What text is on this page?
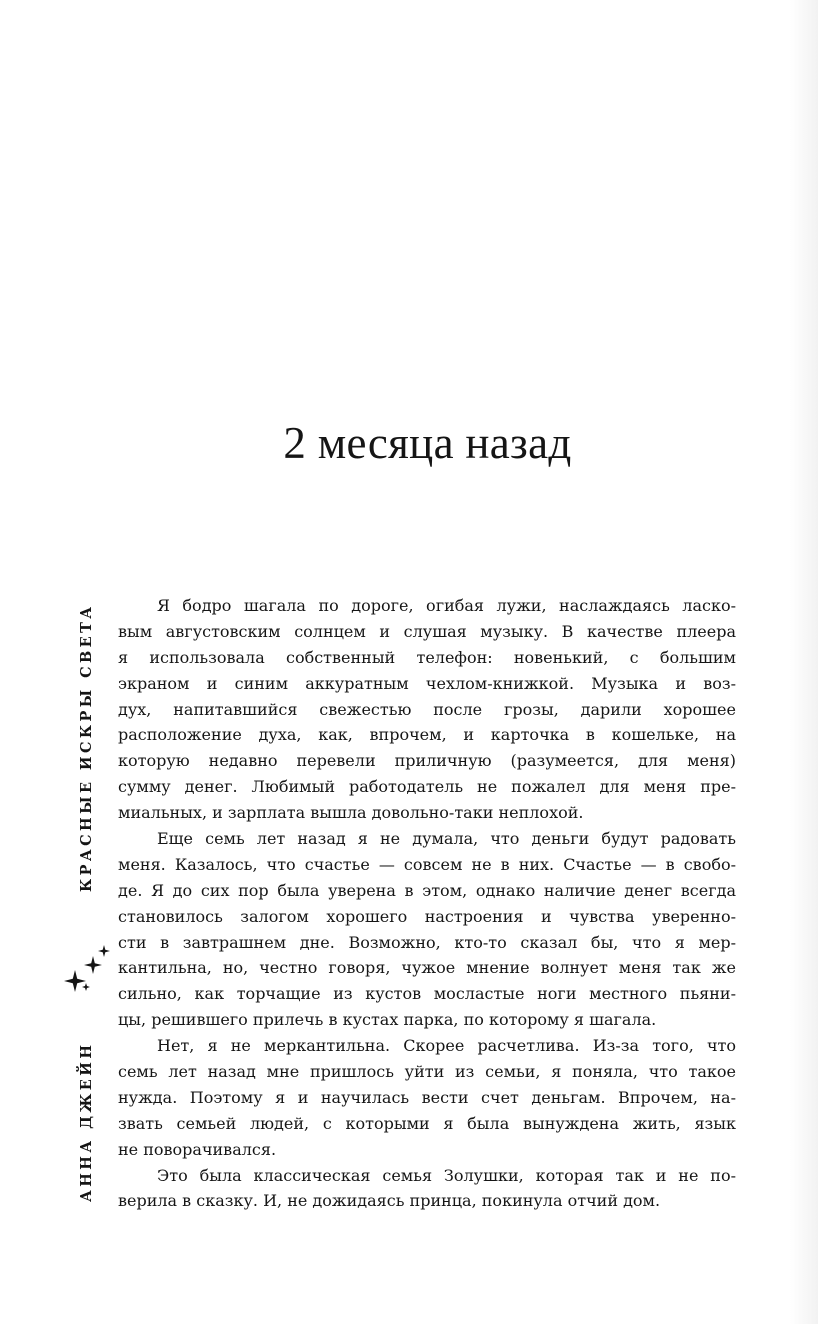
2 месяца назад
КРАСНЫЕ ИСКРЫ СВЕТА
АННА ДЖЕЙН
Я бодро шагала по дороге, огибая лужи, наслаждаясь ласко-
вым августовским солнцем и слушая музыку. В качестве плеера
я использовала собственный телефон: новенький, с большим
экраном и синим аккуратным чехлом-книжкой. Музыка и воз-
дух, напитавшийся свежестью после грозы, дарили хорошее
расположение духа, как, впрочем, и карточка в кошельке, на
которую недавно перевели приличную (разумеется, для меня)
сумму денег. Любимый работодатель не пожалел для меня пре-
миальных, и зарплата вышла довольно-таки неплохой.
Еще семь лет назад я не думала, что деньги будут радовать
меня. Казалось, что счастье — совсем не в них. Счастье — в свобо-
де. Я до сих пор была уверена в этом, однако наличие денег всегда
становилось залогом хорошего настроения и чувства уверенно-
сти в завтрашнем дне. Возможно, кто-то сказал бы, что я мер-
кантильна, но, честно говоря, чужое мнение волнует меня так же
сильно, как торчащие из кустов мосластые ноги местного пьяни-
цы, решившего прилечь в кустах парка, по которому я шагала.
Нет, я не меркантильна. Скорее расчетлива. Из-за того, что
семь лет назад мне пришлось уйти из семьи, я поняла, что такое
нужда. Поэтому я и научилась вести счет деньгам. Впрочем, на-
звать семьей людей, с которыми я была вынуждена жить, язык
не поворачивался.
Это была классическая семья Золушки, которая так и не по-
верила в сказку. И, не дожидаясь принца, покинула отчий дом.
